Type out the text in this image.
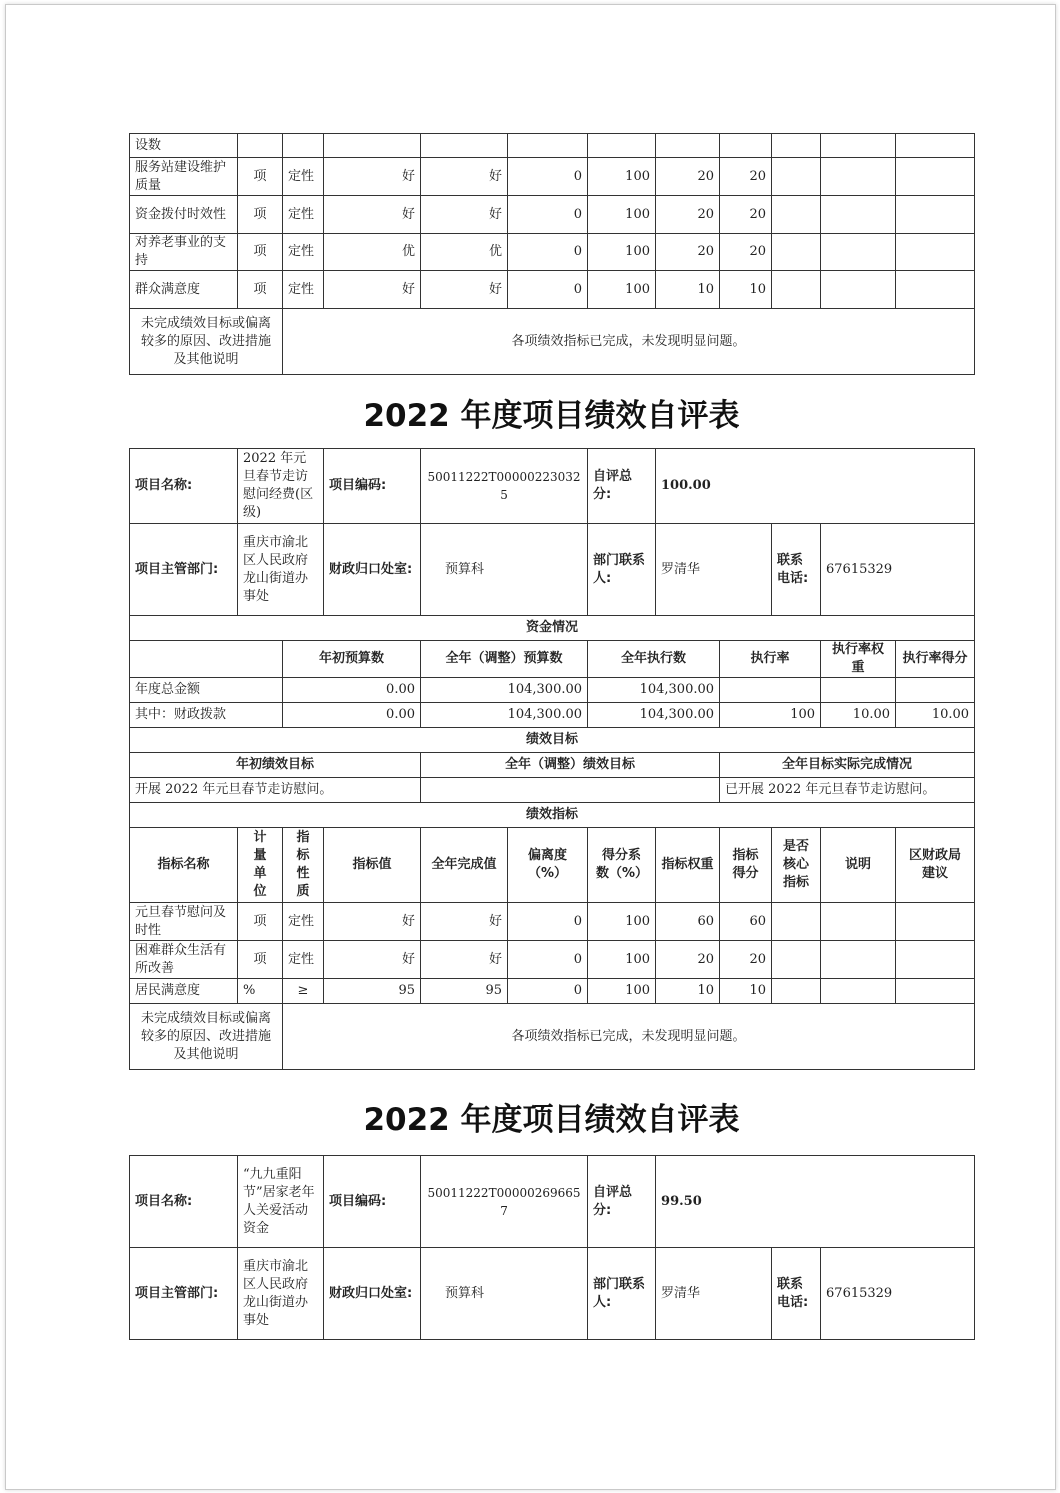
设数											
服务站建设维护质量	项	定性	好	好	0	100	20	20			
资金拨付时效性	项	定性	好	好	0	100	20	20			
对养老事业的支持	项	定性	优	优	0	100	20	20			
群众满意度	项	定性	好	好	0	100	10	10			
未完成绩效目标或偏离较多的原因、改进措施及其他说明		各项绩效指标已完成，未发现明显问题。									
2022 年度项目绩效自评表
项目名称:	2022 年元旦春节走访慰问经费(区级)		项目编码:	50011222T000002230325		自评总分:	100.00				
项目主管部门:	重庆市渝北区人民政府龙山街道办事处		财政归口处室:	预算科		部门联系人:	罗清华		联系电话:	67615329	
资金情况											
		年初预算数		全年（调整）预算数		全年执行数		执行率		执行率权重	执行率得分
年度总金额		0.00		104,300.00		104,300.00					
其中：财政拨款		0.00		104,300.00		104,300.00		100		10.00	10.00
绩效目标											
年初绩效目标				全年（调整）绩效目标				全年目标实际完成情况			
开展 2022 年元旦春节走访慰问。								已开展 2022 年元旦春节走访慰问。			
绩效指标											
指标名称	计量单位	指标性质	指标值	全年完成值	偏离度（%）	得分系数（%）	指标权重	指标得分	是否核心指标	说明	区财政局建议
元旦春节慰问及时性	项	定性	好	好	0	100	60	60			
困难群众生活有所改善	项	定性	好	好	0	100	20	20			
居民满意度	%	≥	95	95	0	100	10	10			
未完成绩效目标或偏离较多的原因、改进措施及其他说明		各项绩效指标已完成，未发现明显问题。									
2022 年度项目绩效自评表
项目名称:	“九九重阳节”居家老年人关爱活动资金	项目编码:	50011222T000002696657	自评总分:	99.50		
项目主管部门:	重庆市渝北区人民政府龙山街道办事处	财政归口处室:	预算科	部门联系人:	罗清华	联系电话:	67615329
